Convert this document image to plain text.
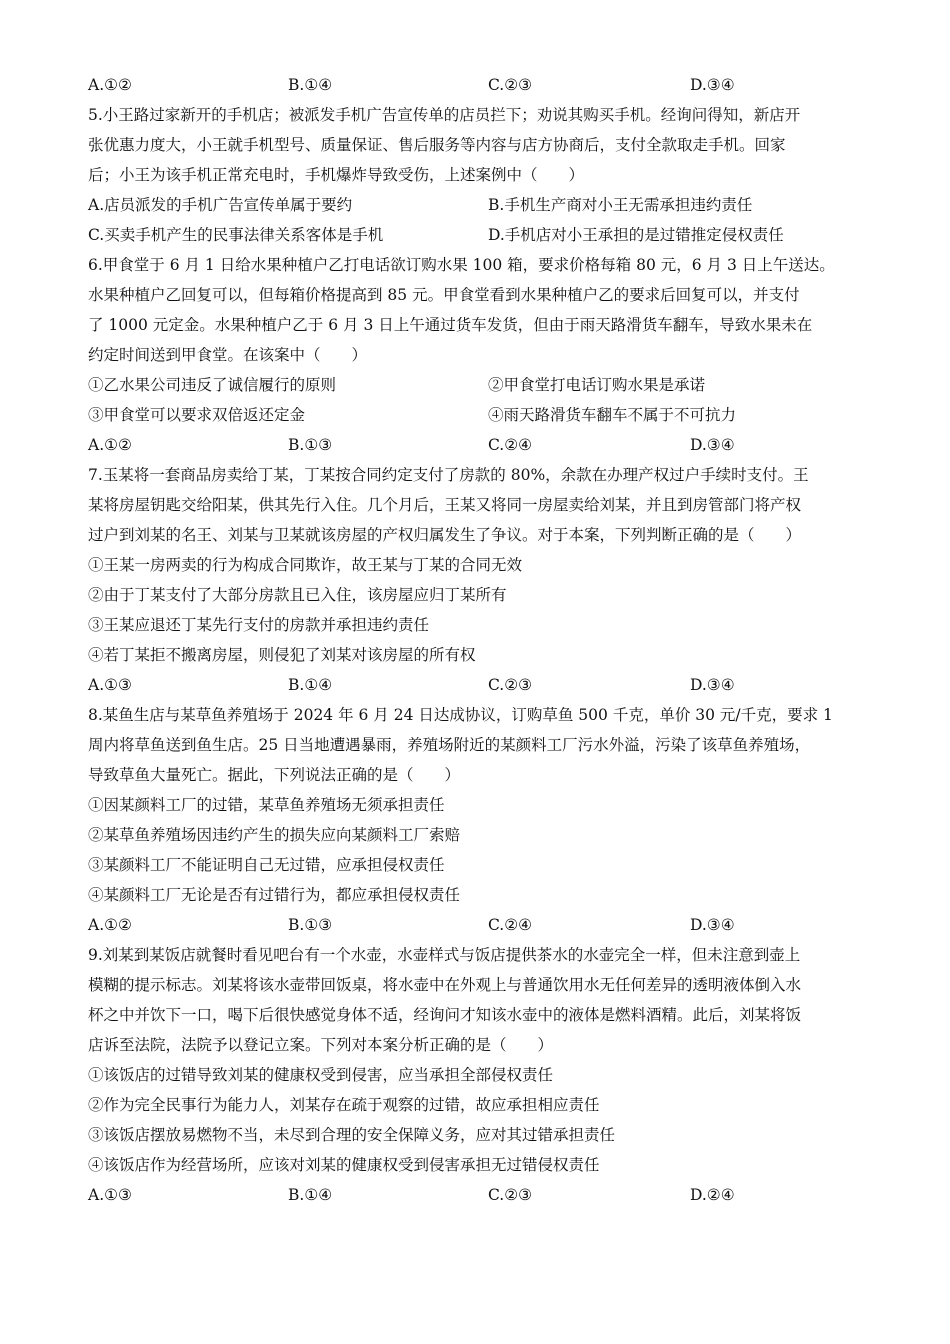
A.①②	B.①④	C.②③	D.③④
5.小王路过家新开的手机店；被派发手机广告宣传单的店员拦下；劝说其购买手机。经询问得知，新店开
张优惠力度大，小王就手机型号、质量保证、售后服务等内容与店方协商后，支付全款取走手机。回家
后；小王为该手机正常充电时，手机爆炸导致受伤，上述案例中（　　）
A.店员派发的手机广告宣传单属于要约	B.手机生产商对小王无需承担违约责任
C.买卖手机产生的民事法律关系客体是手机	D.手机店对小王承担的是过错推定侵权责任
6.甲食堂于 6 月 1 日给水果种植户乙打电话欲订购水果 100 箱，要求价格每箱 80 元，6 月 3 日上午送达。
水果种植户乙回复可以，但每箱价格提高到 85 元。甲食堂看到水果种植户乙的要求后回复可以，并支付
了 1000 元定金。水果种植户乙于 6 月 3 日上午通过货车发货，但由于雨天路滑货车翻车，导致水果未在
约定时间送到甲食堂。在该案中（　　）
①乙水果公司违反了诚信履行的原则	②甲食堂打电话订购水果是承诺
③甲食堂可以要求双倍返还定金	④雨天路滑货车翻车不属于不可抗力
A.①②	B.①③	C.②④	D.③④
7.玉某将一套商品房卖给丁某，丁某按合同约定支付了房款的 80%，余款在办理产权过户手续时支付。王
某将房屋钥匙交给阳某，供其先行入住。几个月后，王某又将同一房屋卖给刘某，并且到房管部门将产权
过户到刘某的名王、刘某与卫某就该房屋的产权归属发生了争议。对于本案，下列判断正确的是（　　）
①王某一房两卖的行为构成合同欺诈，故王某与丁某的合同无效
②由于丁某支付了大部分房款且已入住，该房屋应归丁某所有
③王某应退还丁某先行支付的房款并承担违约责任
④若丁某拒不搬离房屋，则侵犯了刘某对该房屋的所有权
A.①③	B.①④	C.②③	D.③④
8.某鱼生店与某草鱼养殖场于 2024 年 6 月 24 日达成协议，订购草鱼 500 千克，单价 30 元/千克，要求 1
周内将草鱼送到鱼生店。25 日当地遭遇暴雨，养殖场附近的某颜料工厂污水外溢，污染了该草鱼养殖场，
导致草鱼大量死亡。据此，下列说法正确的是（　　）
①因某颜料工厂的过错，某草鱼养殖场无须承担责任
②某草鱼养殖场因违约产生的损失应向某颜料工厂索赔
③某颜料工厂不能证明自己无过错，应承担侵权责任
④某颜料工厂无论是否有过错行为，都应承担侵权责任
A.①②	B.①③	C.②④	D.③④
9.刘某到某饭店就餐时看见吧台有一个水壶，水壶样式与饭店提供茶水的水壶完全一样，但未注意到壶上
模糊的提示标志。刘某将该水壶带回饭桌，将水壶中在外观上与普通饮用水无任何差异的透明液体倒入水
杯之中并饮下一口，喝下后很快感觉身体不适，经询问才知该水壶中的液体是燃料酒精。此后，刘某将饭
店诉至法院，法院予以登记立案。下列对本案分析正确的是（　　）
①该饭店的过错导致刘某的健康权受到侵害，应当承担全部侵权责任
②作为完全民事行为能力人，刘某存在疏于观察的过错，故应承担相应责任
③该饭店摆放易燃物不当，未尽到合理的安全保障义务，应对其过错承担责任
④该饭店作为经营场所，应该对刘某的健康权受到侵害承担无过错侵权责任
A.①③	B.①④	C.②③	D.②④
